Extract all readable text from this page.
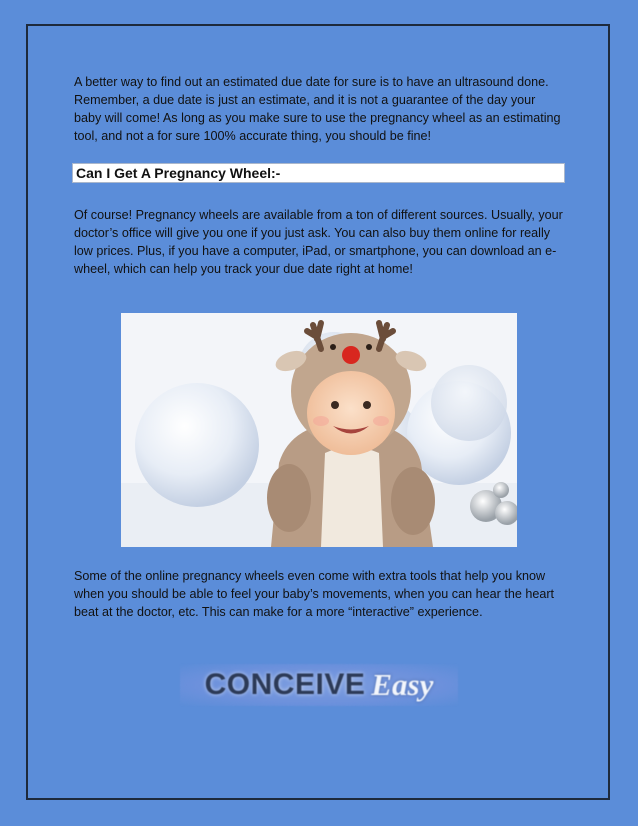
A better way to find out an estimated due date for sure is to have an ultrasound done. Remember, a due date is just an estimate, and it is not a guarantee of the day your baby will come! As long as you make sure to use the pregnancy wheel as an estimating tool, and not a for sure 100% accurate thing, you should be fine!

Can I Get A Pregnancy Wheel:-

Of course! Pregnancy wheels are available from a ton of different sources. Usually, your doctor’s office will give you one if you just ask. You can also buy them online for really low prices. Plus, if you have a computer, iPad, or smartphone, you can download an e-wheel, which can help you track your due date right at home!

Some of the online pregnancy wheels even come with extra tools that help you know when you should be able to feel your baby’s movements, when you can hear the heart beat at the doctor, etc. This can make for a more “interactive” experience.

CONCEIVE Easy
